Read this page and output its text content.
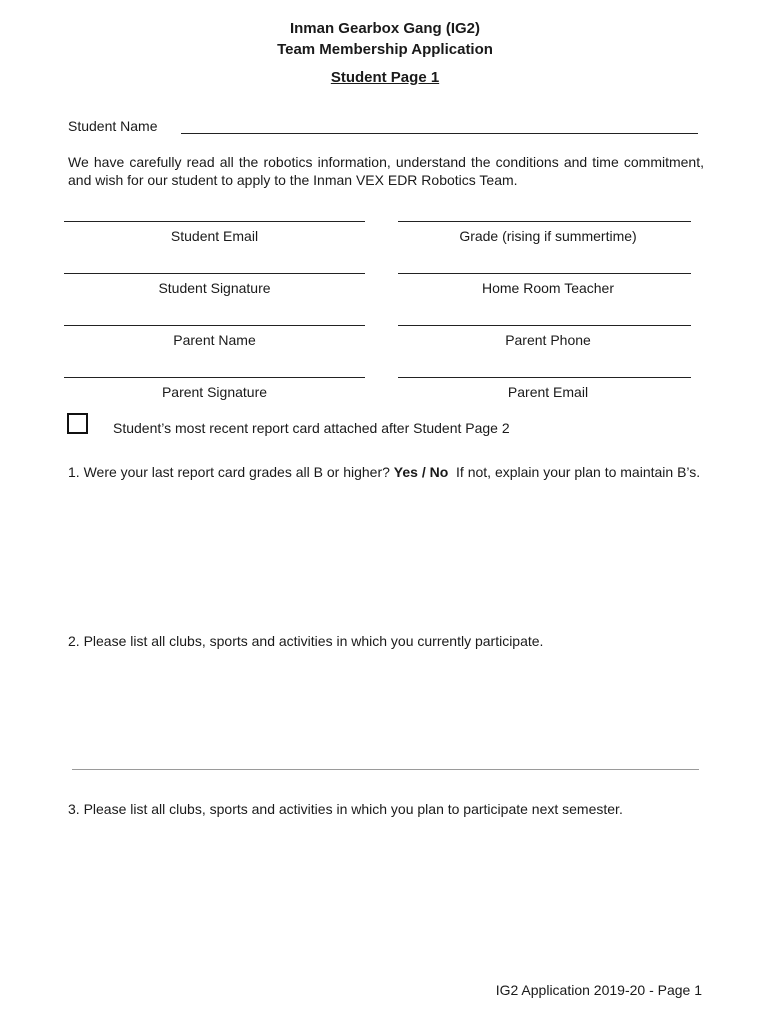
Inman Gearbox Gang (IG2)
Team Membership Application
Student Page 1
Student Name
We have carefully read all the robotics information, understand the conditions and time commitment, and wish for our student to apply to the Inman VEX EDR Robotics Team.
Student Email	Grade (rising if summertime)
Student Signature	Home Room Teacher
Parent Name	Parent Phone
Parent Signature	Parent Email
Student’s most recent report card attached after Student Page 2
1. Were your last report card grades all B or higher? Yes / No  If not, explain your plan to maintain B’s.
2. Please list all clubs, sports and activities in which you currently participate.
3. Please list all clubs, sports and activities in which you plan to participate next semester.
IG2 Application 2019-20 - Page 1
